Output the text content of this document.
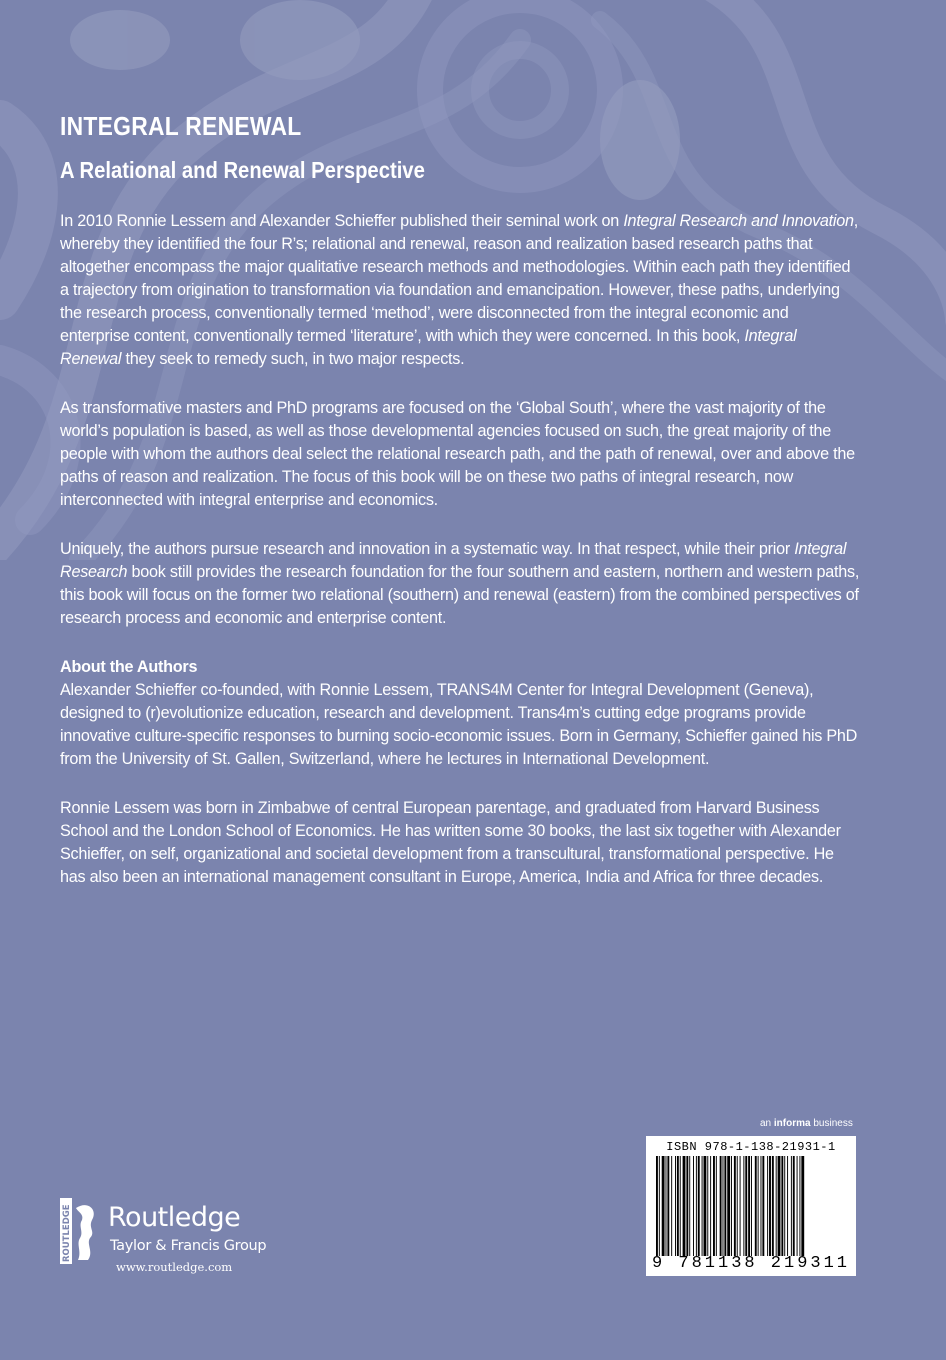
INTEGRAL RENEWAL
A Relational and Renewal Perspective

In 2010 Ronnie Lessem and Alexander Schieffer published their seminal work on Integral Research and Innovation, whereby they identified the four R’s; relational and renewal, reason and realization based research paths that altogether encompass the major qualitative research methods and methodologies. Within each path they identified a trajectory from origination to transformation via foundation and emancipation. However, these paths, underlying the research process, conventionally termed ‘method’, were disconnected from the integral economic and enterprise content, conventionally termed ‘literature’, with which they were concerned. In this book, Integral Renewal they seek to remedy such, in two major respects.

As transformative masters and PhD programs are focused on the ‘Global South’, where the vast majority of the world’s population is based, as well as those developmental agencies focused on such, the great majority of the people with whom the authors deal select the relational research path, and the path of renewal, over and above the paths of reason and realization. The focus of this book will be on these two paths of integral research, now interconnected with integral enterprise and economics.

Uniquely, the authors pursue research and innovation in a systematic way. In that respect, while their prior Integral Research book still provides the research foundation for the four southern and eastern, northern and western paths, this book will focus on the former two relational (southern) and renewal (eastern) from the combined perspectives of research process and economic and enterprise content.

About the Authors

Alexander Schieffer co-founded, with Ronnie Lessem, TRANS4M Center for Integral Development (Geneva), designed to (r)evolutionize education, research and development. Trans4m’s cutting edge programs provide innovative culture-specific responses to burning socio-economic issues. Born in Germany, Schieffer gained his PhD from the University of St. Gallen, Switzerland, where he lectures in International Development.

Ronnie Lessem was born in Zimbabwe of central European parentage, and graduated from Harvard Business School and the London School of Economics. He has written some 30 books, the last six together with Alexander Schieffer, on self, organizational and societal development from a transcultural, transformational perspective. He has also been an international management consultant in Europe, America, India and Africa for three decades.

an informa business
ISBN 978-1-138-21931-1
9 781138 219311
ROUTLEDGE Routledge
Taylor & Francis Group
www.routledge.com
